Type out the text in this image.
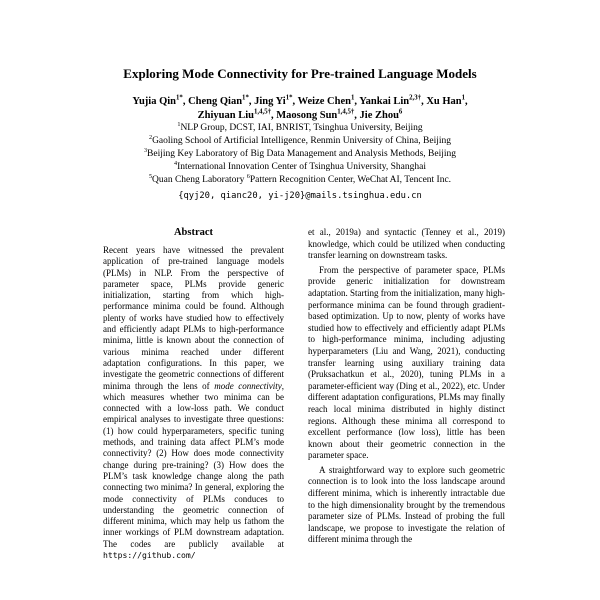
Exploring Mode Connectivity for Pre-trained Language Models
Yujia Qin$^{1*}$, Cheng Qian$^{1*}$, Jing $Yi^{1*}$, Weize Chen$^1$, Yankai Lin$^{2,3\dagger}$, Xu Han$^1$,
Zhiyuan Liu$^{1,4,5\dagger}$, Maosong Sun$^{1,4,5\dagger}$, Jie Zhou$^6$
$^1$NLP Group, DCST, IAI, BNRIST, Tsinghua University, Beijing
$^2$Gaoling School of Artificial Intelligence, Renmin University of China, Beijing
$^3$Beijing Key Laboratory of Big Data Management and Analysis Methods, Beijing
$^4$International Innovation Center of Tsinghua University, Shanghai
$^5$Quan Cheng Laboratory $^6$Pattern Recognition Center, WeChat AI, Tencent Inc.
{qyj20, qianc20, yi-j20}@mails.tsinghua.edu.cn
Abstract
Recent years have witnessed the prevalent application of pre-trained language models (PLMs) in NLP. From the perspective of parameter space, PLMs provide generic initialization, starting from which high-performance minima could be found. Although plenty of works have studied how to effectively and efficiently adapt PLMs to high-performance minima, little is known about the connection of various minima reached under different adaptation configurations. In this paper, we investigate the geometric connections of different minima through the lens of mode connectivity, which measures whether two minima can be connected with a low-loss path. We conduct empirical analyses to investigate three questions: (1) how could hyperparameters, specific tuning methods, and training data affect PLM’s mode connectivity? (2) How does mode connectivity change during pre-training? (3) How does the PLM’s task knowledge change along the path connecting two minima? In general, exploring the mode connectivity of PLMs conduces to understanding the geometric connection of different minima, which may help us fathom the inner workings of PLM downstream adaptation. The codes are publicly available at https://github.com/

et al., 2019a) and syntactic (Tenney et al., 2019) knowledge, which could be utilized when conducting transfer learning on downstream tasks.

From the perspective of parameter space, PLMs provide generic initialization for downstream adaptation. Starting from the initialization, many high-performance minima can be found through gradient-based optimization. Up to now, plenty of works have studied how to effectively and efficiently adapt PLMs to high-performance minima, including adjusting hyperparameters (Liu and Wang, 2021), conducting transfer learning using auxiliary training data (Pruksachatkun et al., 2020), tuning PLMs in a parameter-efficient way (Ding et al., 2022), etc. Under different adaptation configurations, PLMs may finally reach local minima distributed in highly distinct regions. Although these minima all correspond to excellent performance (low loss), little has been known about their geometric connection in the parameter space.

A straightforward way to explore such geometric connection is to look into the loss landscape around different minima, which is inherently intractable due to the high dimensionality brought by the tremendous parameter size of PLMs. Instead of probing the full landscape, we propose to investigate the relation of different minima through the
